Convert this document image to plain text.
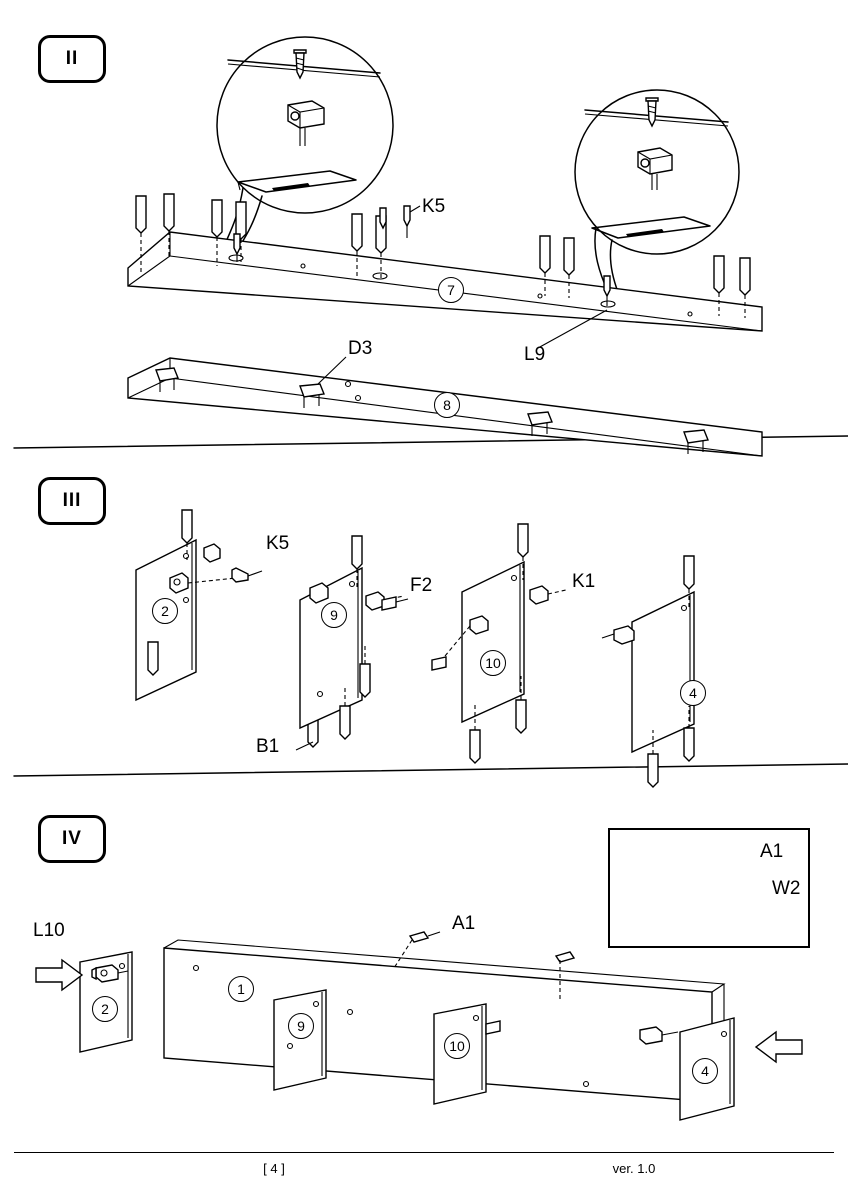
II
III
IV
7
8
2	9
10
4
2
1
9
10
4
K5
L9
D3
K5
F2	K1
B1
L10	A1
A1
W2
[ 4 ]	ver. 1.0
